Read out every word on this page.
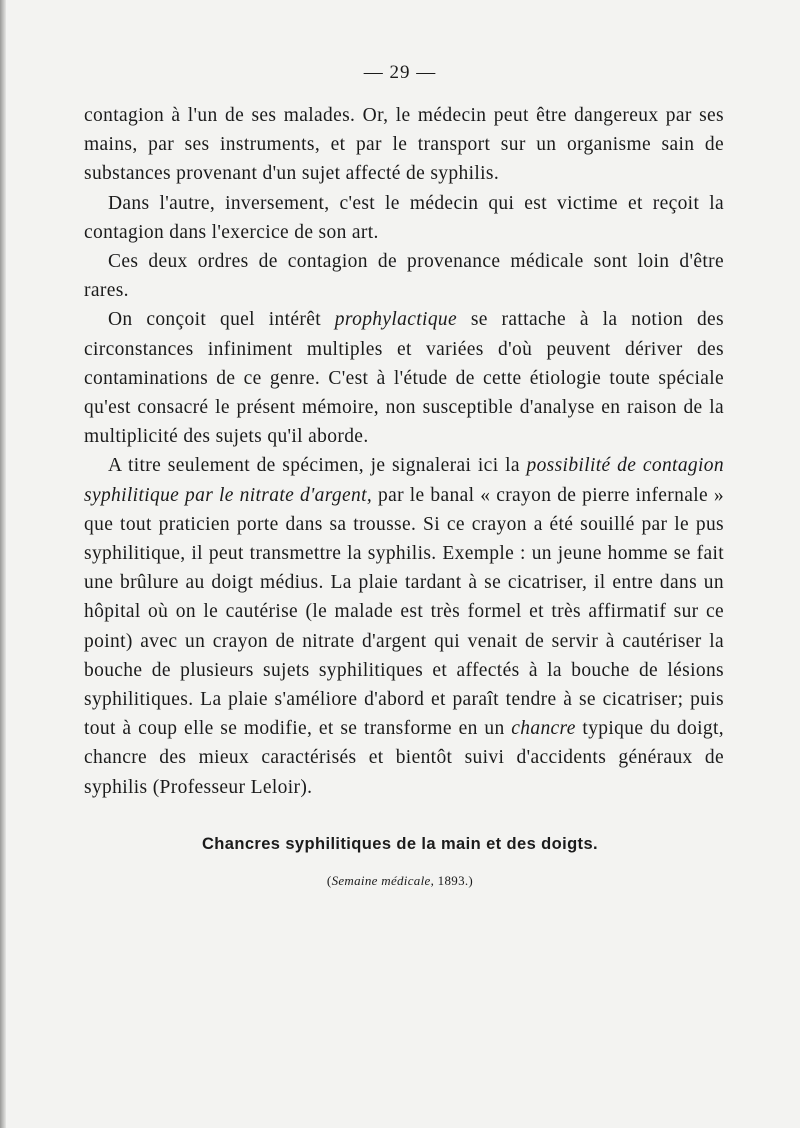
— 29 —

contagion à l'un de ses malades. Or, le médecin peut être dangereux par ses mains, par ses instruments, et par le transport sur un organisme sain de substances provenant d'un sujet affecté de syphilis.

Dans l'autre, inversement, c'est le médecin qui est victime et reçoit la contagion dans l'exercice de son art.

Ces deux ordres de contagion de provenance médicale sont loin d'être rares.

On conçoit quel intérêt prophylactique se rattache à la notion des circonstances infiniment multiples et variées d'où peuvent dériver des contaminations de ce genre. C'est à l'étude de cette étiologie toute spéciale qu'est consacré le présent mémoire, non susceptible d'analyse en raison de la multiplicité des sujets qu'il aborde.

A titre seulement de spécimen, je signalerai ici la possibilité de contagion syphilitique par le nitrate d'argent, par le banal « crayon de pierre infernale » que tout praticien porte dans sa trousse. Si ce crayon a été souillé par le pus syphilitique, il peut transmettre la syphilis. Exemple : un jeune homme se fait une brûlure au doigt médius. La plaie tardant à se cicatriser, il entre dans un hôpital où on le cautérise (le malade est très formel et très affirmatif sur ce point) avec un crayon de nitrate d'argent qui venait de servir à cautériser la bouche de plusieurs sujets syphilitiques et affectés à la bouche de lésions syphilitiques. La plaie s'améliore d'abord et paraît tendre à se cicatriser; puis tout à coup elle se modifie, et se transforme en un chancre typique du doigt, chancre des mieux caractérisés et bientôt suivi d'accidents généraux de syphilis (Professeur Leloir).

Chancres syphilitiques de la main et des doigts.
(Semaine médicale, 1893.)
